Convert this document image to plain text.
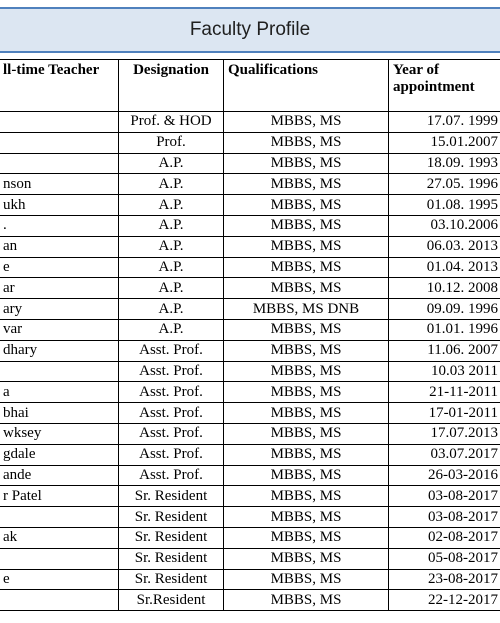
Faculty Profile
ll-time Teacher	Designation	Qualifications	Year of
appointment

	Prof. & HOD	MBBS, MS	17.07. 1999
	Prof.	MBBS, MS	15.01.2007
	A.P.	MBBS, MS	18.09. 1993
nson	A.P.	MBBS, MS	27.05. 1996
ukh	A.P.	MBBS, MS	01.08. 1995
.	A.P.	MBBS, MS	03.10.2006
an	A.P.	MBBS, MS	06.03. 2013
e	A.P.	MBBS, MS	01.04. 2013
ar	A.P.	MBBS, MS	10.12. 2008
ary	A.P.	MBBS, MS DNB	09.09. 1996
var	A.P.	MBBS, MS	01.01. 1996
dhary	Asst. Prof.	MBBS, MS	11.06. 2007
	Asst. Prof.	MBBS, MS	10.03 2011
a	Asst. Prof.	MBBS, MS	21-11-2011
bhai	Asst. Prof.	MBBS, MS	17-01-2011
wksey	Asst. Prof.	MBBS, MS	17.07.2013
gdale	Asst. Prof.	MBBS, MS	03.07.2017
ande	Asst. Prof.	MBBS, MS	26-03-2016
r Patel	Sr. Resident	MBBS, MS	03-08-2017
	Sr. Resident	MBBS, MS	03-08-2017
ak	Sr. Resident	MBBS, MS	02-08-2017
	Sr. Resident	MBBS, MS	05-08-2017
e	Sr. Resident	MBBS, MS	23-08-2017
	Sr.Resident	MBBS, MS	22-12-2017
